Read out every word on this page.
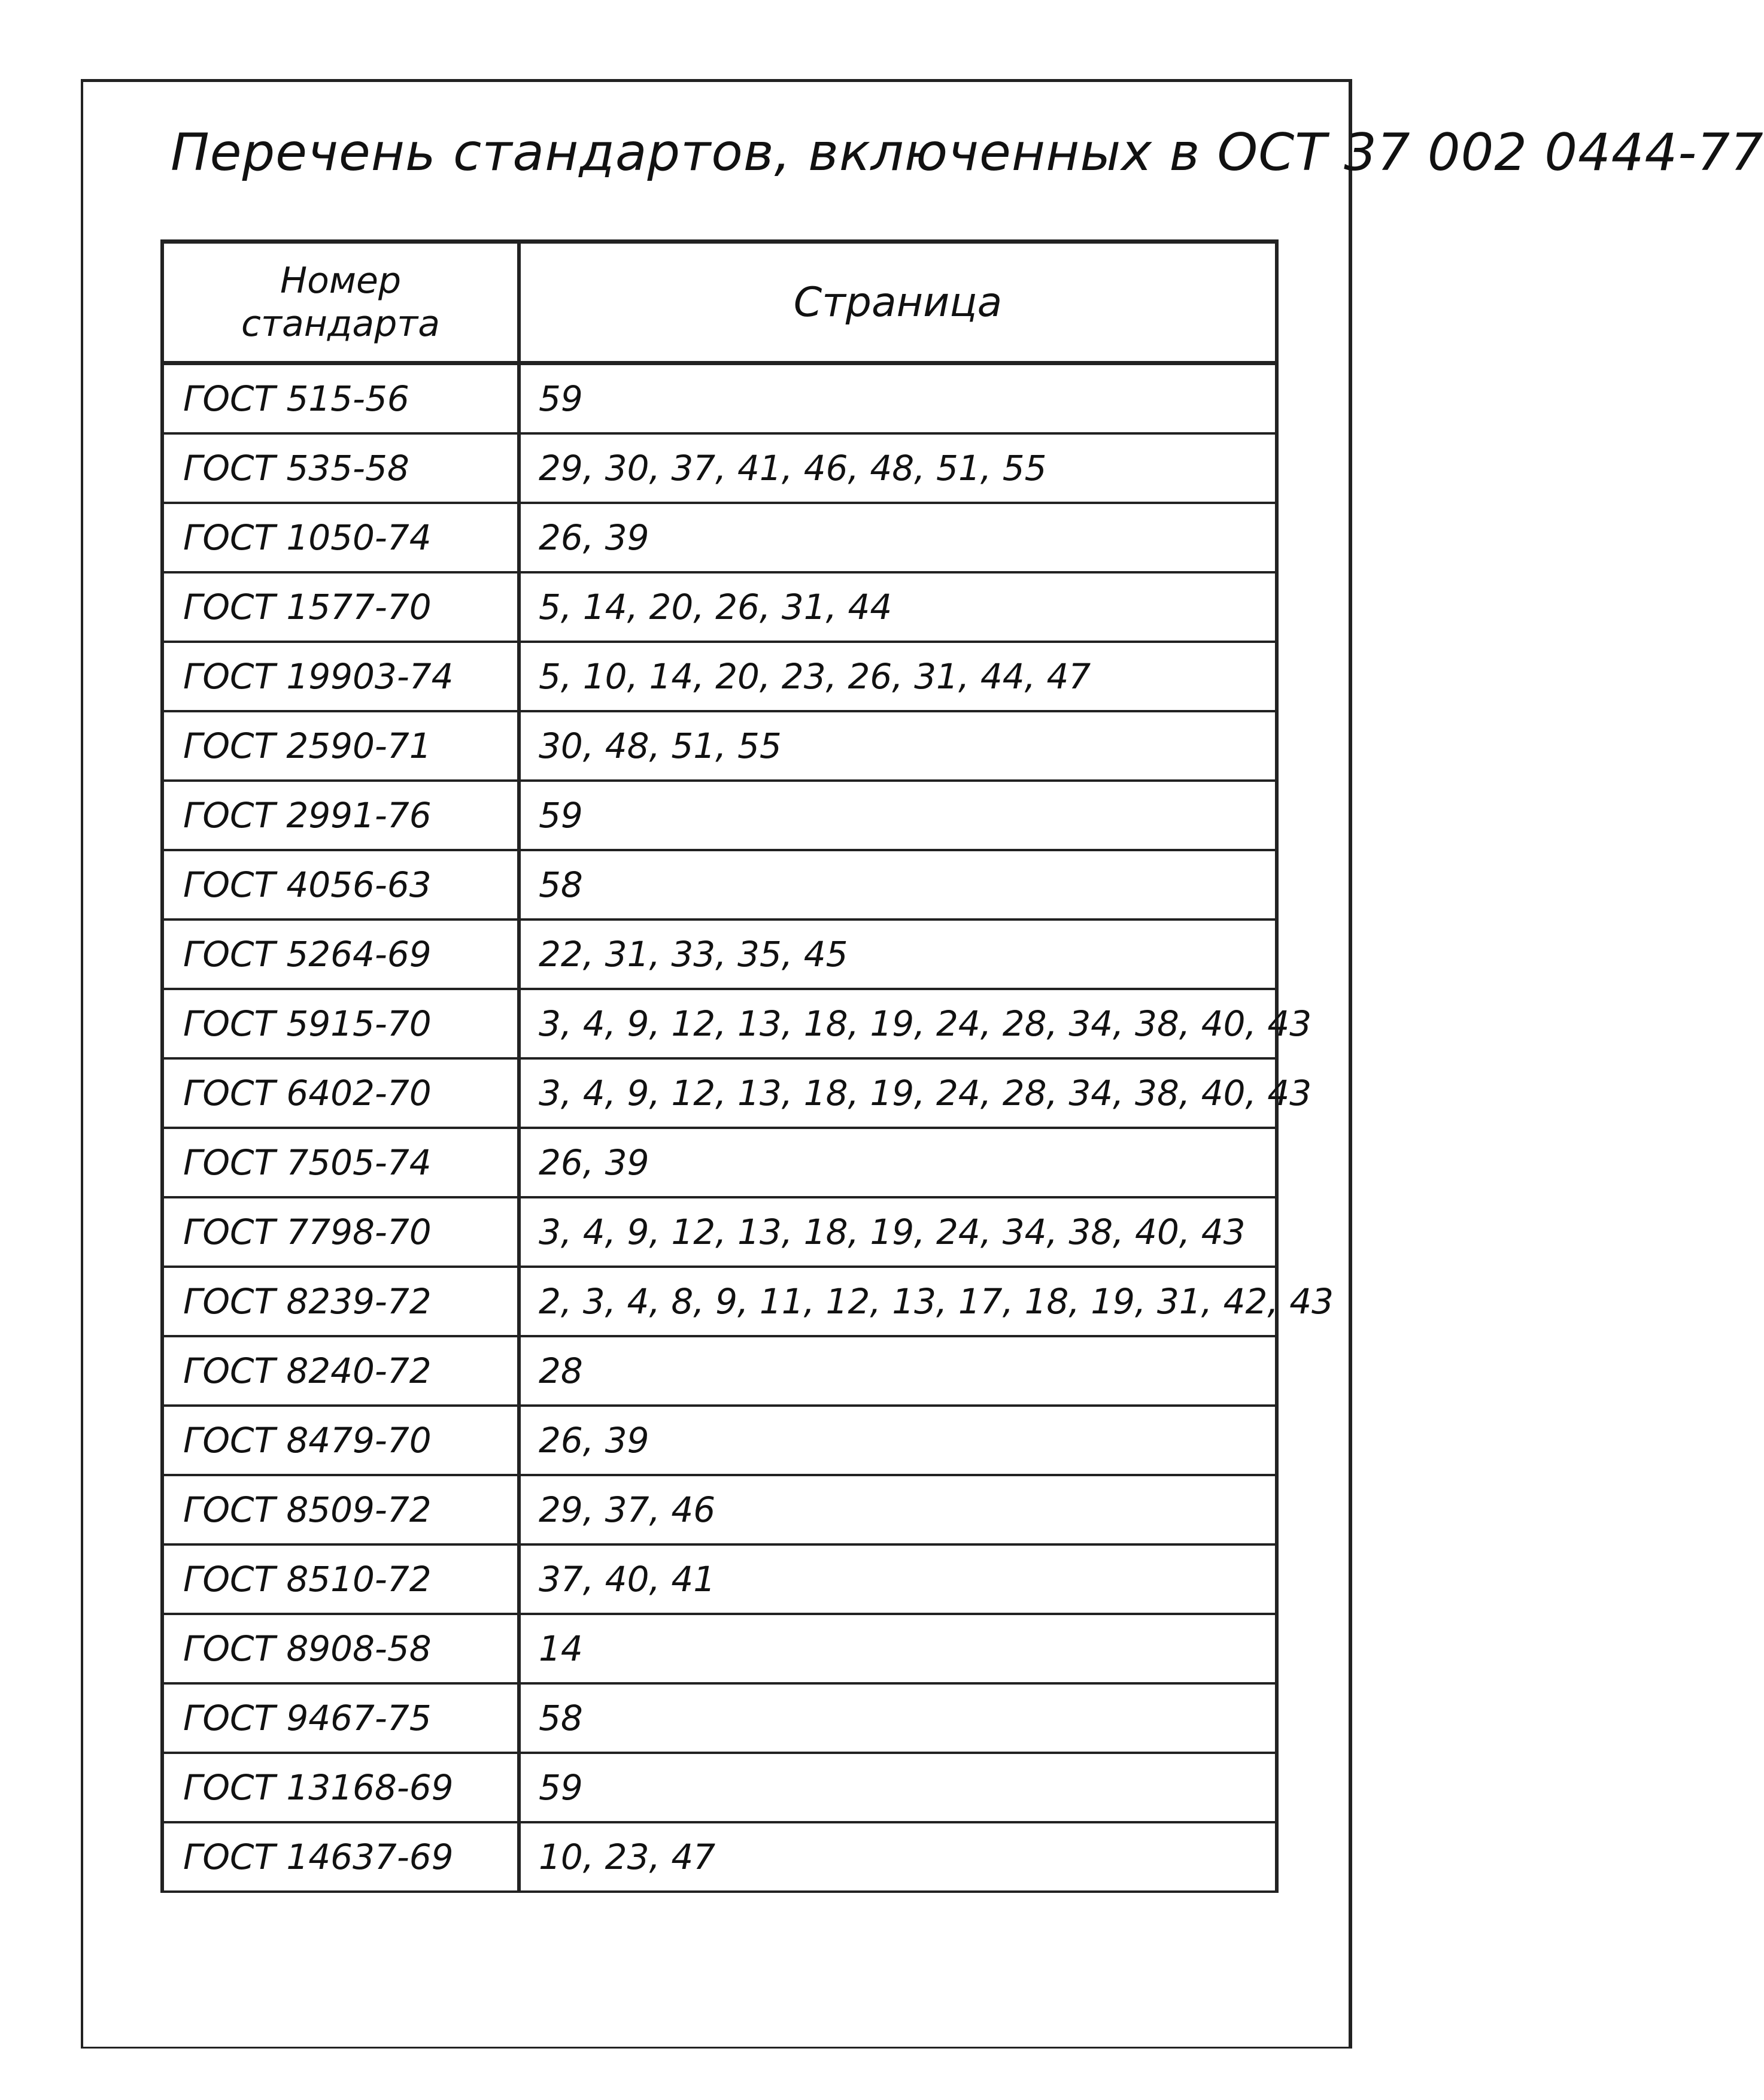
Перечень стандартов, включенных в ОСТ 37 002 0444-77
Номер
стандарта	Страница
ГОСТ 515-56	59
ГОСТ 535-58	29, 30, 37, 41, 46, 48, 51, 55
ГОСТ 1050-74	26, 39
ГОСТ 1577-70	5, 14, 20, 26, 31, 44
ГОСТ 19903-74	5, 10, 14, 20, 23, 26, 31, 44, 47
ГОСТ 2590-71	30, 48, 51, 55
ГОСТ 2991-76	59
ГОСТ 4056-63	58
ГОСТ 5264-69	22, 31, 33, 35, 45
ГОСТ 5915-70	3, 4, 9, 12, 13, 18, 19, 24, 28, 34, 38, 40, 43
ГОСТ 6402-70	3, 4, 9, 12, 13, 18, 19, 24, 28, 34, 38, 40, 43
ГОСТ 7505-74	26, 39
ГОСТ 7798-70	3, 4, 9, 12, 13, 18, 19, 24, 34, 38, 40, 43
ГОСТ 8239-72	2, 3, 4, 8, 9, 11, 12, 13, 17, 18, 19, 31, 42, 43
ГОСТ 8240-72	28
ГОСТ 8479-70	26, 39
ГОСТ 8509-72	29, 37, 46
ГОСТ 8510-72	37, 40, 41
ГОСТ 8908-58	14
ГОСТ 9467-75	58
ГОСТ 13168-69	59
ГОСТ 14637-69	10, 23, 47
